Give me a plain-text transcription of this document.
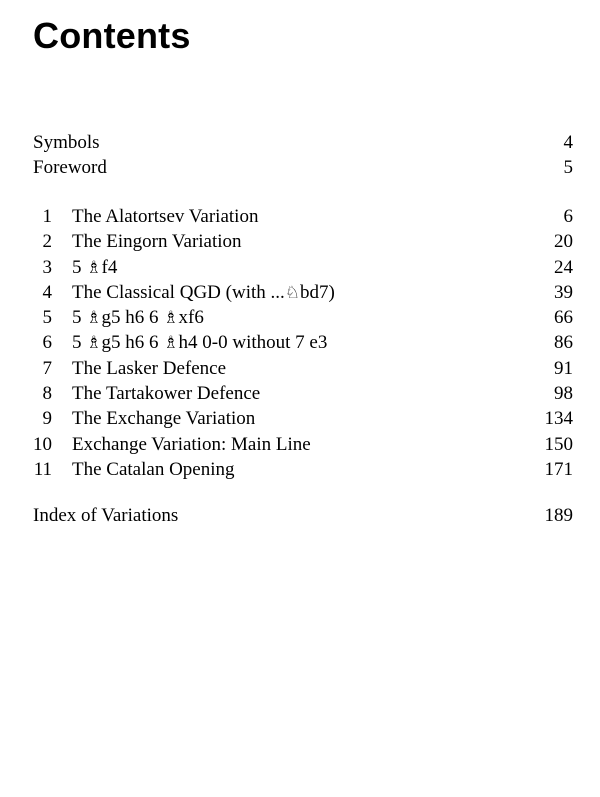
Contents
Symbols	4
Foreword	5
1 The Alatortsev Variation	6
2 The Eingorn Variation	20
3 5 ♗f4	24
4 The Classical QGD (with ...♘bd7)	39
5 5 ♗g5 h6 6 ♗xf6	66
6 5 ♗g5 h6 6 ♗h4 0-0 without 7 e3	86
7 The Lasker Defence	91
8 The Tartakower Defence	98
9 The Exchange Variation	134
10 Exchange Variation: Main Line	150
11 The Catalan Opening	171
Index of Variations	189
